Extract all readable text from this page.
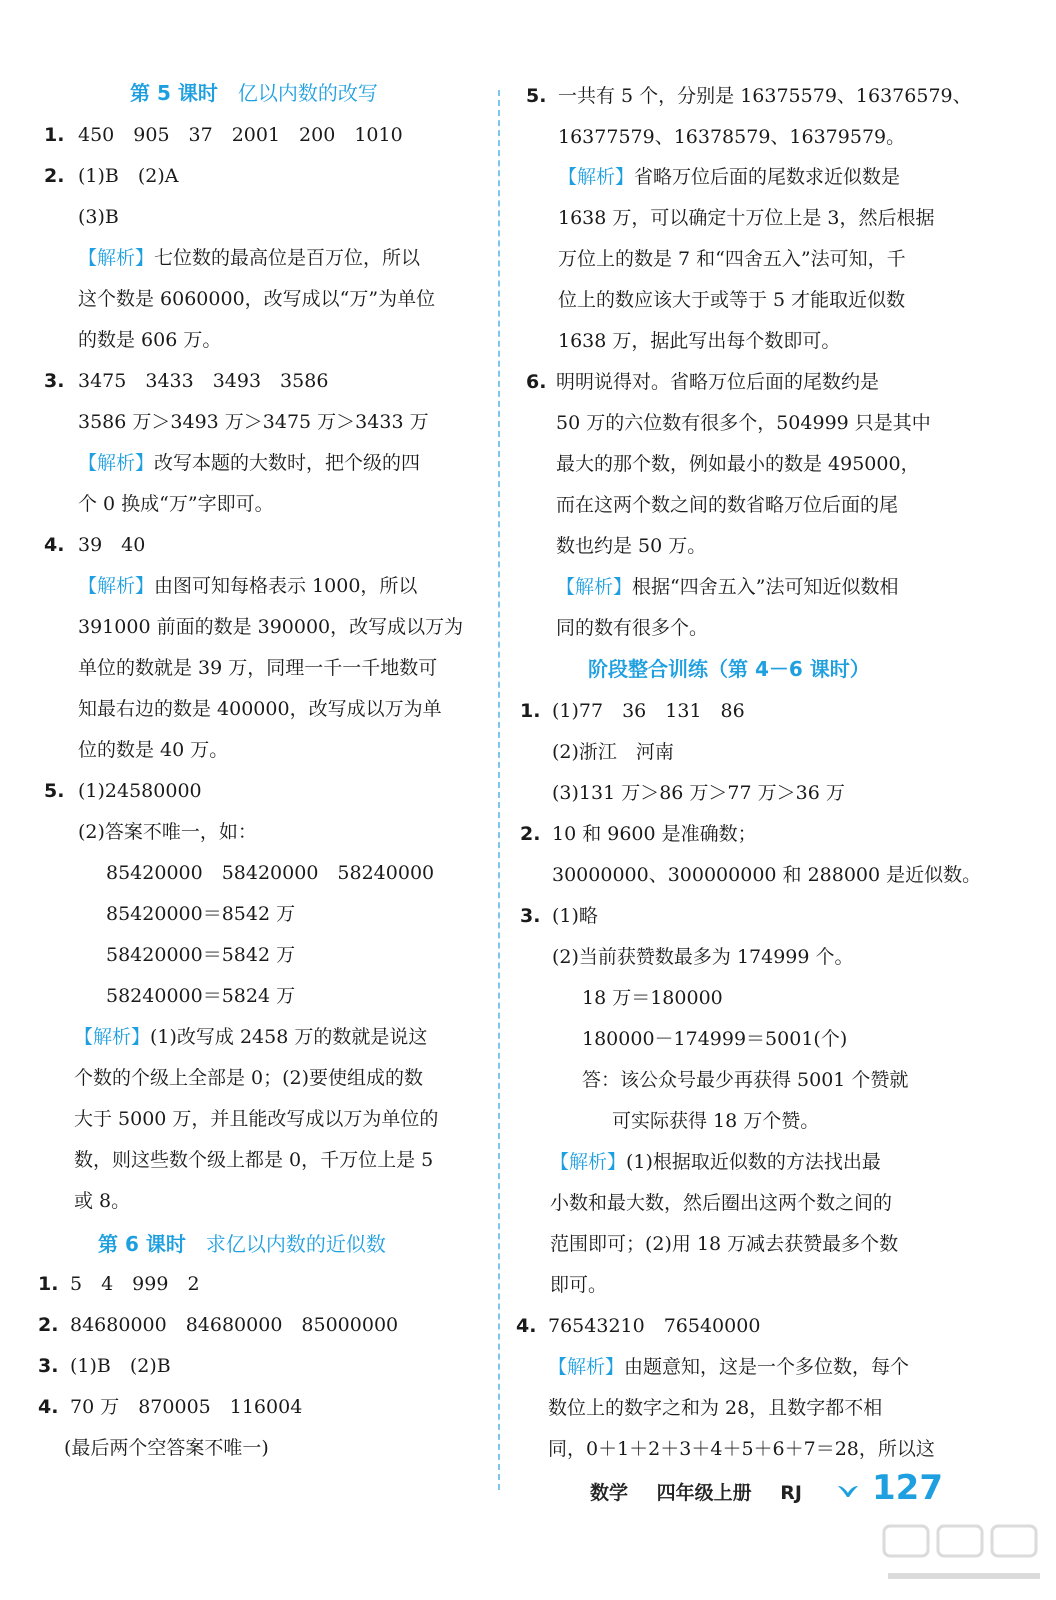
第 5 课时　 亿以内数的改写
1. 450　905　37　2001　200　1010
2. (1)B　(2)A
(3)B
【解析】七位数的最高位是百万位，所以
这个数是 6060000，改写成以“万”为单位
的数是 606 万。
3. 3475　3433　3493　3586
3586 万＞3493 万＞3475 万＞3433 万
【解析】改写本题的大数时，把个级的四
个 0 换成“万”字即可。
4. 39　40
【解析】由图可知每格表示 1000，所以
391000 前面的数是 390000，改写成以万为
单位的数就是 39 万，同理一千一千地数可
知最右边的数是 400000，改写成以万为单
位的数是 40 万。
5. (1)24580000
(2)答案不唯一，如：
85420000　58420000　58240000
85420000＝8542 万
58420000＝5842 万
58240000＝5824 万
【解析】(1)改写成 2458 万的数就是说这
个数的个级上全部是 0；(2)要使组成的数
大于 5000 万，并且能改写成以万为单位的
数，则这些数个级上都是 0，千万位上是 5
或 8。
第 6 课时　 求亿以内数的近似数
1. 5　4　999　2
2. 84680000　84680000　85000000
3. (1)B　(2)B
4. 70 万　870005　116004
(最后两个空答案不唯一)
5. 一共有 5 个，分别是 16375579、16376579、
16377579、16378579、16379579。
【解析】省略万位后面的尾数求近似数是
1638 万，可以确定十万位上是 3，然后根据
万位上的数是 7 和“四舍五入”法可知，千
位上的数应该大于或等于 5 才能取近似数
1638 万，据此写出每个数即可。
6. 明明说得对。省略万位后面的尾数约是
50 万的六位数有很多个，504999 只是其中
最大的那个数，例如最小的数是 495000，
而在这两个数之间的数省略万位后面的尾
数也约是 50 万。
【解析】根据“四舍五入”法可知近似数相
同的数有很多个。
阶段整合训练（第 4－6 课时）
1. (1)77　36　131　86
(2)浙江　河南
(3)131 万＞86 万＞77 万＞36 万
2. 10 和 9600 是准确数；
30000000、300000000 和 288000 是近似数。
3. (1)略
(2)当前获赞数最多为 174999 个。
18 万＝180000
180000－174999＝5001(个)
答：该公众号最少再获得 5001 个赞就
可实际获得 18 万个赞。
【解析】(1)根据取近似数的方法找出最
小数和最大数，然后圈出这两个数之间的
范围即可；(2)用 18 万减去获赞最多个数
即可。
4. 76543210　76540000
【解析】由题意知，这是一个多位数，每个
数位上的数字之和为 28，且数字都不相
同，0＋1＋2＋3＋4＋5＋6＋7＝28，所以这
数学 四年级上册 RJ	127
